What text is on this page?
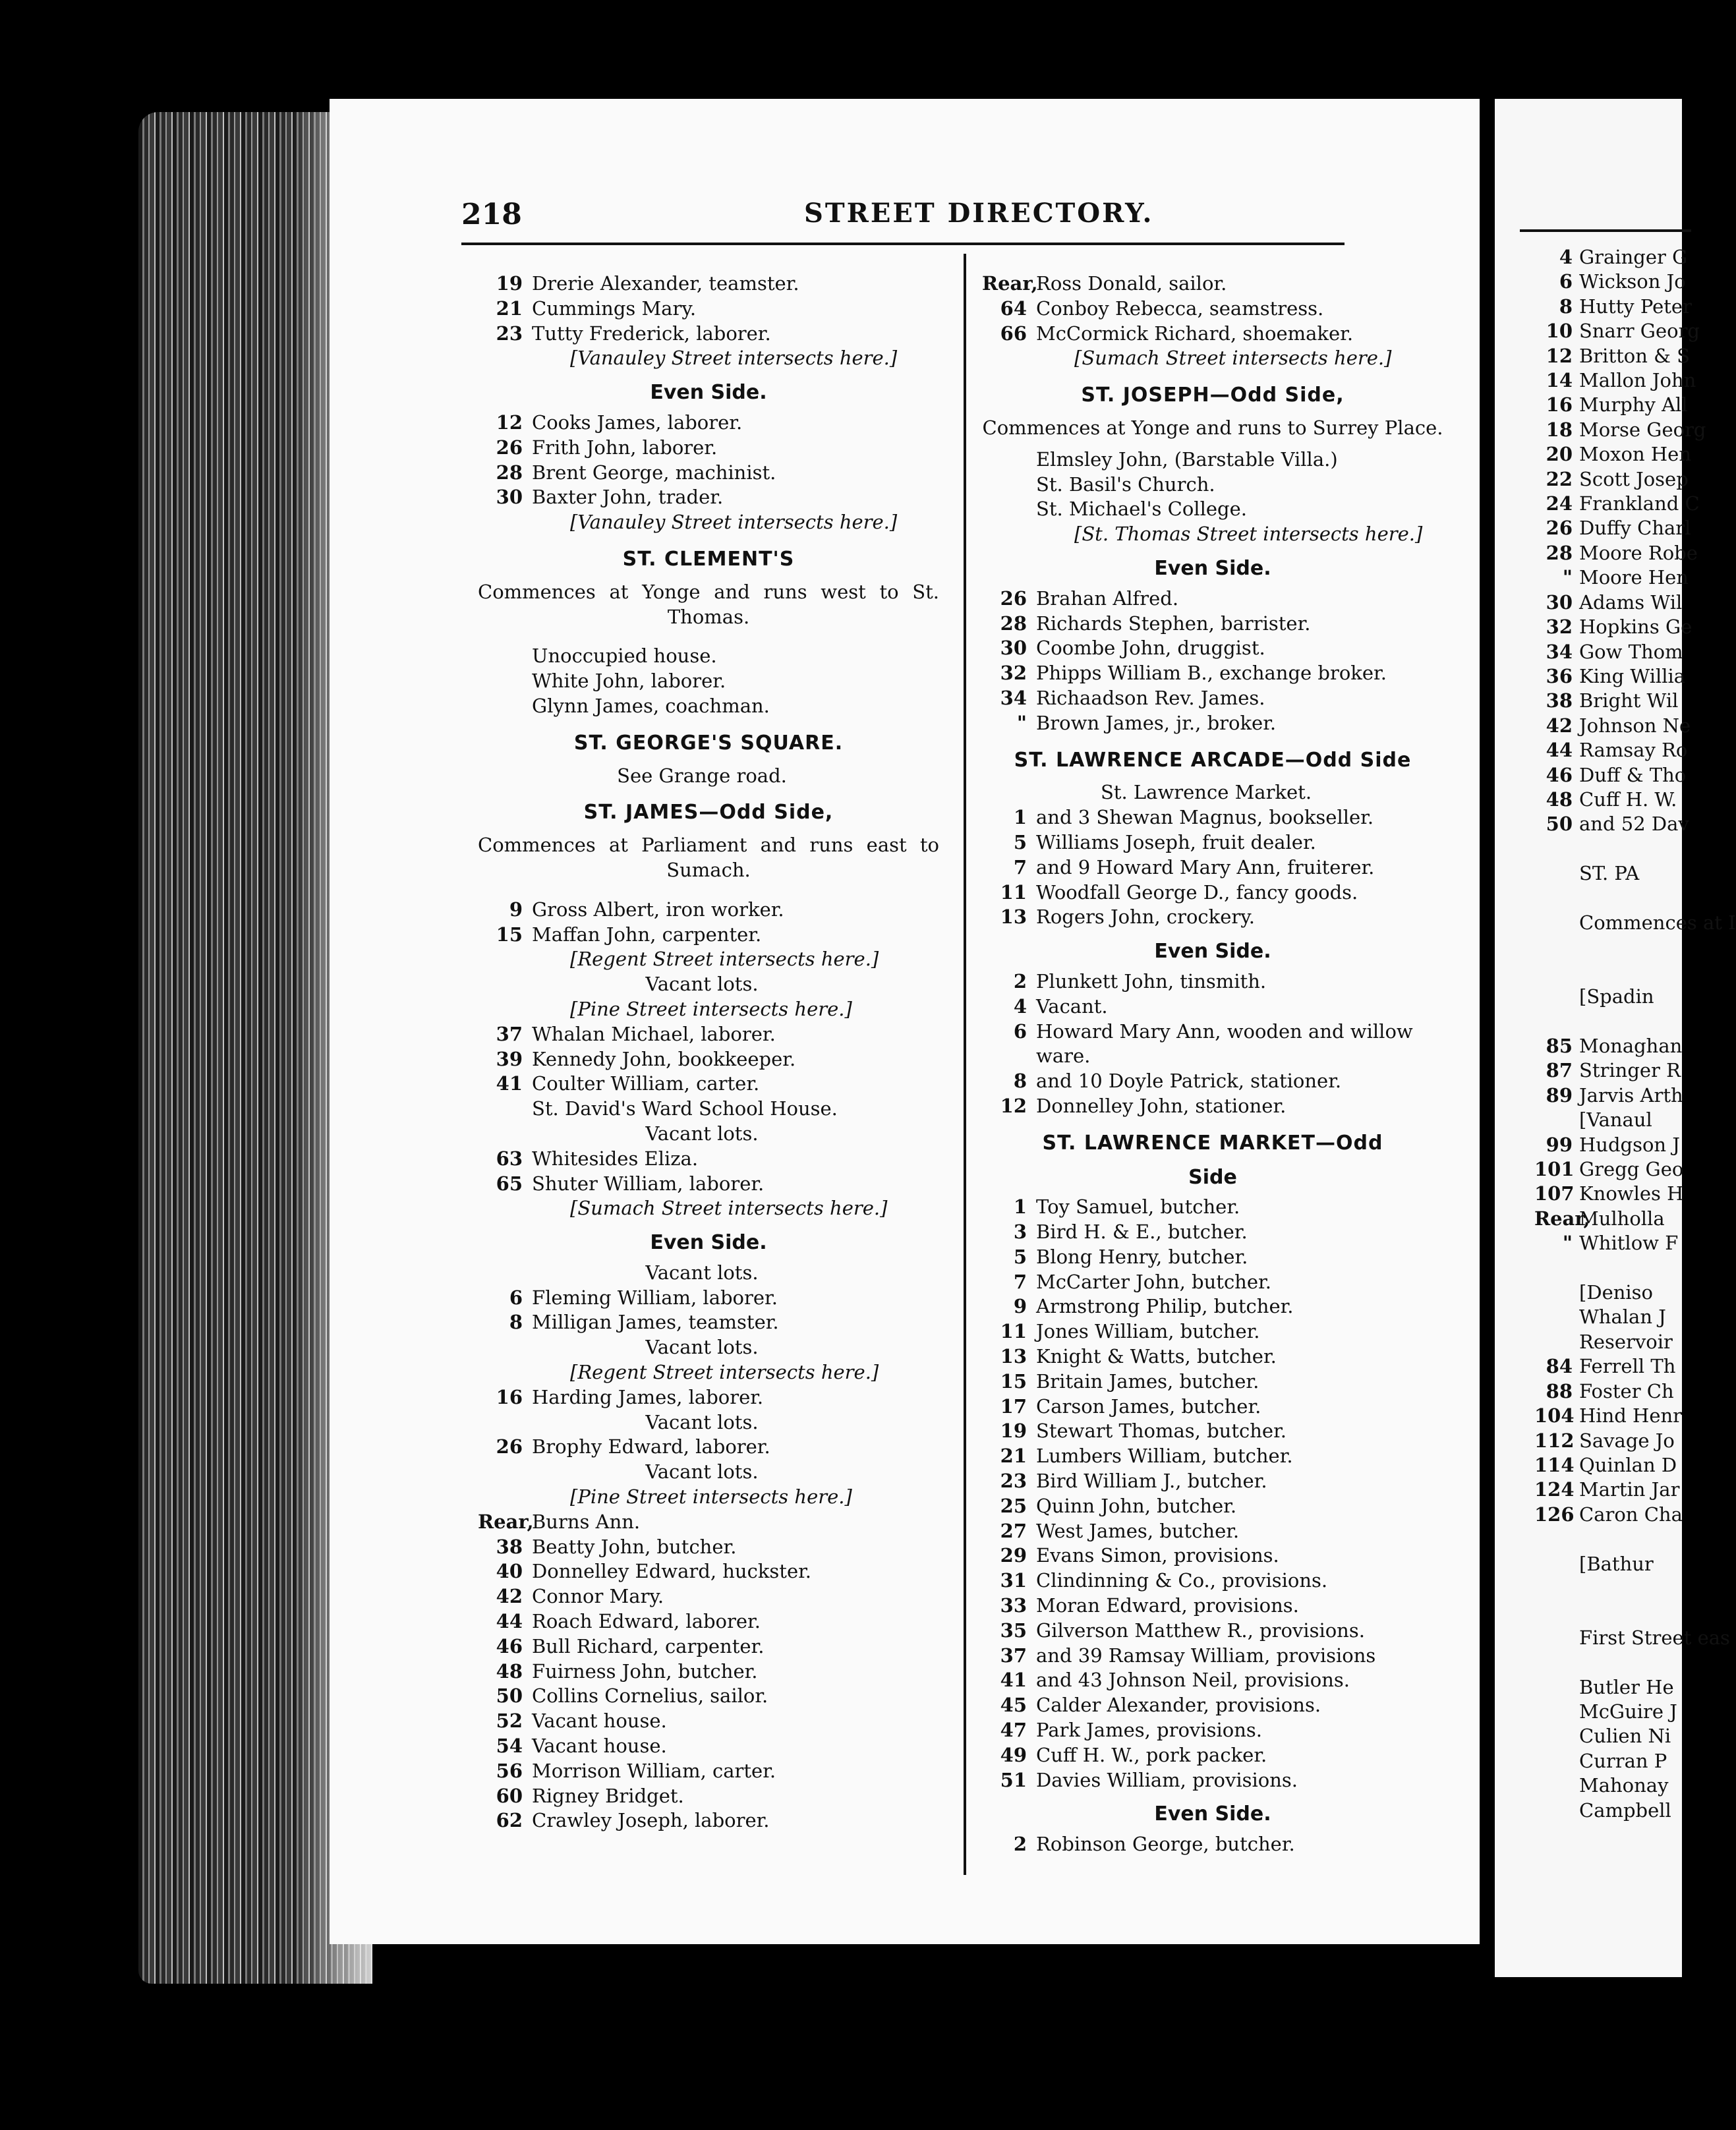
218	STREET DIRECTORY.
19 Drerie Alexander, teamster.
21 Cummings Mary.
23 Tutty Frederick, laborer.
[Vanauley Street intersects here.]
Even Side.
12 Cooks James, laborer.
26 Frith John, laborer.
28 Brent George, machinist.
30 Baxter John, trader.
[Vanauley Street intersects here.]
ST. CLEMENT'S
Commences at Yonge and runs west to St. Thomas.
Unoccupied house.
White John, laborer.
Glynn James, coachman.
ST. GEORGE'S SQUARE.
See Grange road.
ST. JAMES—Odd Side,
Commences at Parliament and runs east to Sumach.
9 Gross Albert, iron worker.
15 Maffan John, carpenter.
[Regent Street intersects here.]
Vacant lots.
[Pine Street intersects here.]
37 Whalan Michael, laborer.
39 Kennedy John, bookkeeper.
41 Coulter William, carter.
St. David's Ward School House.
Vacant lots.
63 Whitesides Eliza.
65 Shuter William, laborer.
[Sumach Street intersects here.]
Even Side.
Vacant lots.
6 Fleming William, laborer.
8 Milligan James, teamster.
Vacant lots.
[Regent Street intersects here.]
16 Harding James, laborer.
Vacant lots.
26 Brophy Edward, laborer.
Vacant lots.
[Pine Street intersects here.]
Rear,Burns Ann.
38 Beatty John, butcher.
40 Donnelley Edward, huckster.
42 Connor Mary.
44 Roach Edward, laborer.
46 Bull Richard, carpenter.
48 Fuirness John, butcher.
50 Collins Cornelius, sailor.
52 Vacant house.
54 Vacant house.
56 Morrison William, carter.
60 Rigney Bridget.
62 Crawley Joseph, laborer.
Rear,Ross Donald, sailor.
64 Conboy Rebecca, seamstress.
66 McCormick Richard, shoemaker.
[Sumach Street intersects here.]
ST. JOSEPH—Odd Side,
Commences at Yonge and runs to Surrey Place.
Elmsley John, (Barstable Villa.)
St. Basil's Church.
St. Michael's College.
[St. Thomas Street intersects here.]
Even Side.
26 Brahan Alfred.
28 Richards Stephen, barrister.
30 Coombe John, druggist.
32 Phipps William B., exchange broker.
34 Richaadson Rev. James.
" Brown James, jr., broker.
ST. LAWRENCE ARCADE—Odd Side
St. Lawrence Market.
1 and 3 Shewan Magnus, bookseller.
5 Williams Joseph, fruit dealer.
7 and 9 Howard Mary Ann, fruiterer.
11 Woodfall George D., fancy goods.
13 Rogers John, crockery.
Even Side.
2 Plunkett John, tinsmith.
4 Vacant.
6 Howard Mary Ann, wooden and willow
ware.
8 and 10 Doyle Patrick, stationer.
12 Donnelley John, stationer.
ST. LAWRENCE MARKET—Odd
Side
1 Toy Samuel, butcher.
3 Bird H. & E., butcher.
5 Blong Henry, butcher.
7 McCarter John, butcher.
9 Armstrong Philip, butcher.
11 Jones William, butcher.
13 Knight & Watts, butcher.
15 Britain James, butcher.
17 Carson James, butcher.
19 Stewart Thomas, butcher.
21 Lumbers William, butcher.
23 Bird William J., butcher.
25 Quinn John, butcher.
27 West James, butcher.
29 Evans Simon, provisions.
31 Clindinning & Co., provisions.
33 Moran Edward, provisions.
35 Gilverson Matthew R., provisions.
37 and 39 Ramsay William, provisions
41 and 43 Johnson Neil, provisions.
45 Calder Alexander, provisions.
47 Park James, provisions.
49 Cuff H. W., pork packer.
51 Davies William, provisions.
Even Side.
2 Robinson George, butcher.
4 Grainger G
6 Wickson Jo
8 Hutty Peter
10 Snarr Georg
12 Britton & S
14 Mallon John
16 Murphy All
18 Morse Georg
20 Moxon Hen
22 Scott Josep
24 Frankland C
26 Duffy Charl
28 Moore Robe
" Moore Hen
30 Adams Wil
32 Hopkins Ge
34 Gow Thom
36 King Willia
38 Bright Wil
42 Johnson Ne
44 Ramsay Ro
46 Duff & Tho
48 Cuff H. W.
50 and 52 Dav
ST. PA
Commences at I
[Spadin
85 Monaghan
87 Stringer R
89 Jarvis Arth
[Vanaul
99 Hudgson J
101 Gregg Geo
107 Knowles H
Rear,Mulholla
" Whitlow F
[Deniso
Whalan J
Reservoir
84 Ferrell Th
88 Foster Ch
104 Hind Henr
112 Savage Jo
114 Quinlan D
124 Martin Jar
126 Caron Cha
[Bathur
First Street eas
Butler He
McGuire J
Culien Ni
Curran P
Mahonay
Campbell
